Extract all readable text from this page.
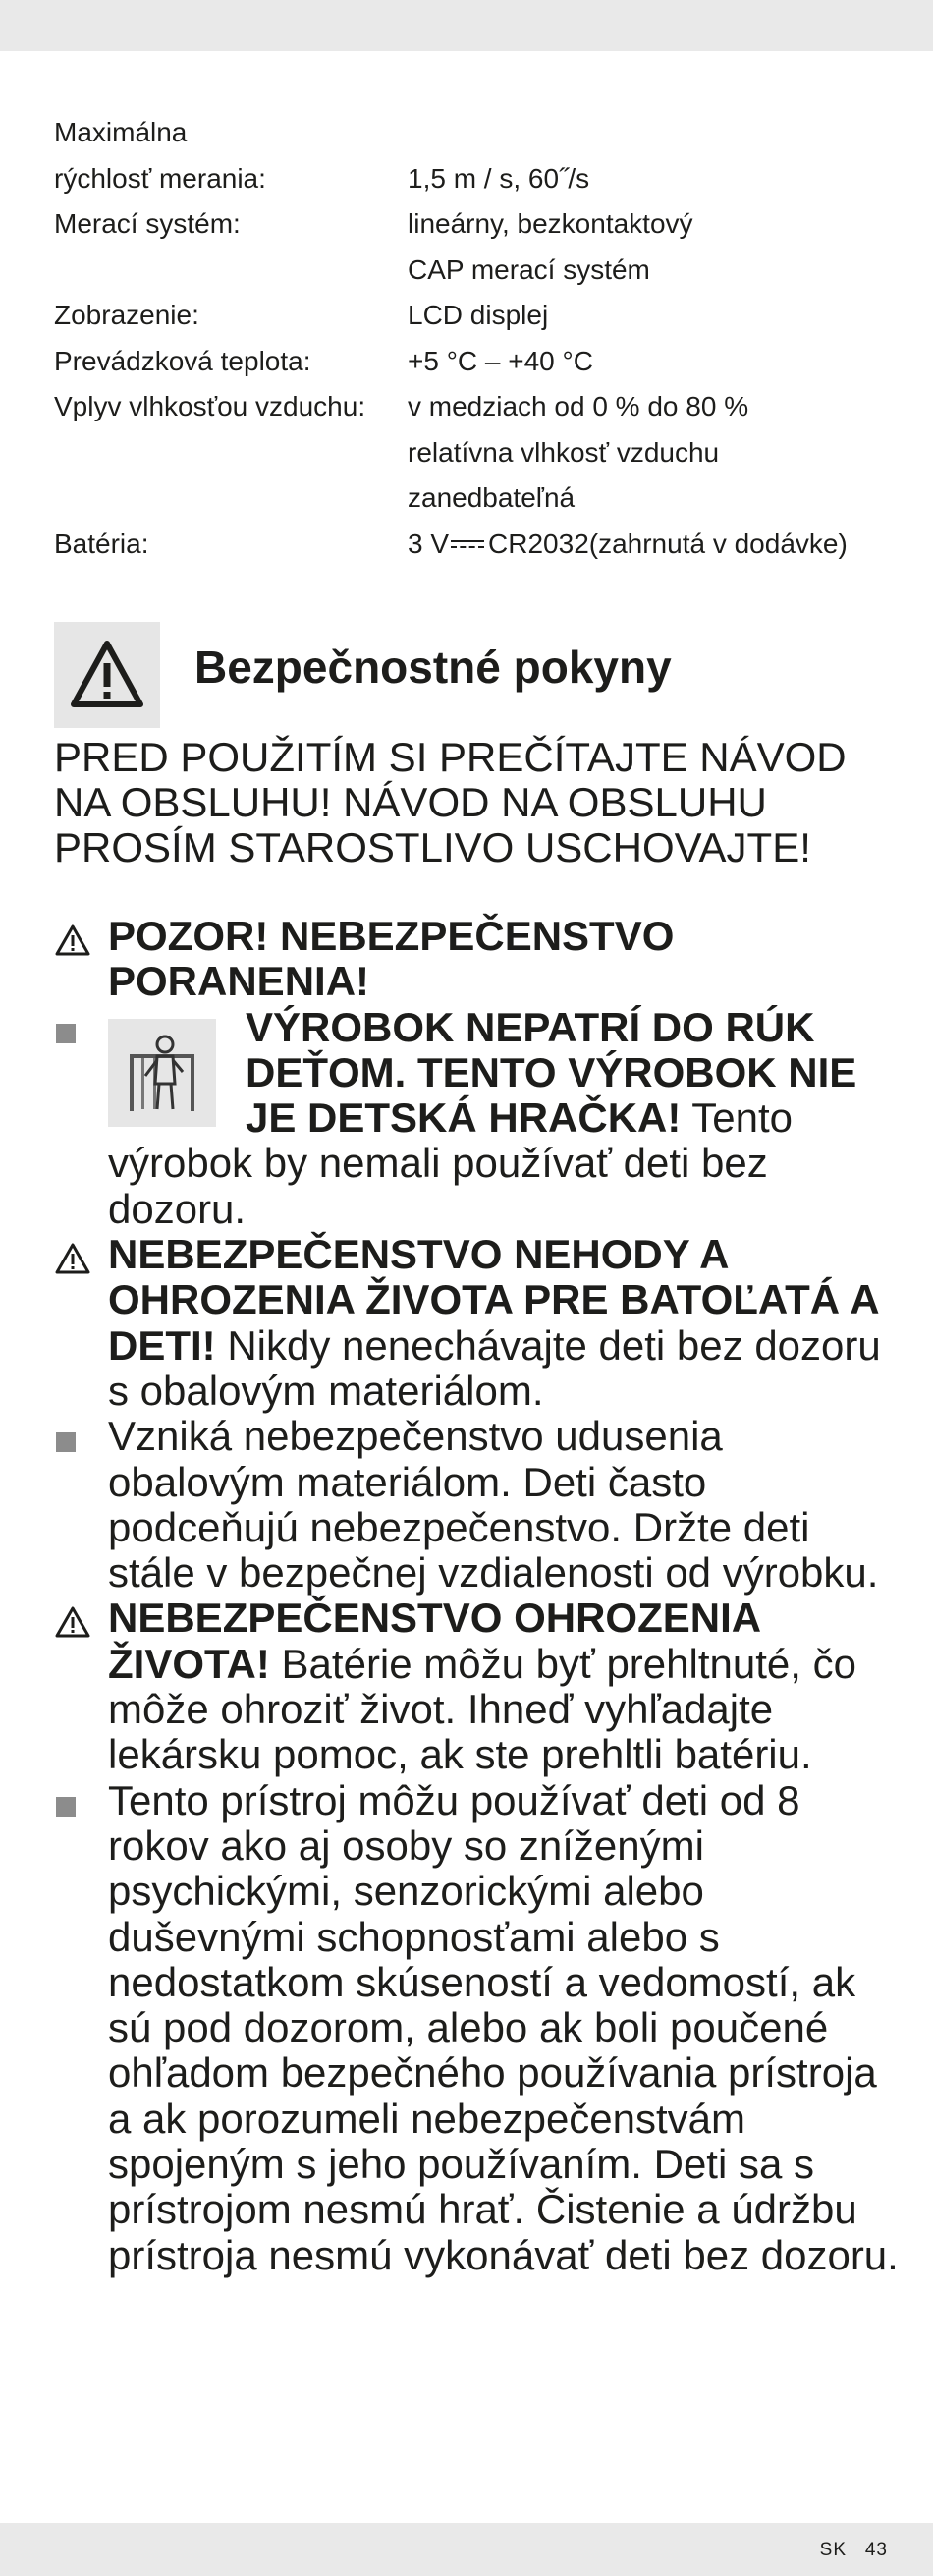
Maximálna
rýchlosť merania:	1,5 m / s, 60˝/s
Merací systém:	lineárny, bezkontaktový
CAP merací systém
Zobrazenie:	LCD displej
Prevádzková teplota:	+5 °C – +40 °C
Vplyv vlhkosťou vzduchu:	v medziach od 0 % do 80 %
relatívna vlhkosť vzduchu
zanedbateľná
Batéria:	3 V CR2032(zahrnutá v dodávke)
Bezpečnostné pokyny
PRED POUŽITÍM SI PREČÍTAJTE NÁVOD NA OBSLUHU! NÁVOD NA OBSLUHU PROSÍM STAROSTLIVO USCHOVAJTE!
POZOR! NEBEZPEČENSTVO PORANENIA!
VÝROBOK NEPATRÍ DO RÚK DEŤOM. TENTO VÝROBOK NIE JE DETSKÁ HRAČKA! Tento výrobok by nemali používať deti bez dozoru.
NEBEZPEČENSTVO NEHODY A OHROZENIA ŽIVOTA PRE BATOĽATÁ A DETI! Nikdy nenechávajte deti bez dozoru s obalovým materiálom.
Vzniká nebezpečenstvo udusenia obalovým materiálom. Deti často podceňujú nebezpečenstvo. Držte deti stále v bezpečnej vzdialenosti od výrobku.
NEBEZPEČENSTVO OHROZENIA ŽIVOTA! Batérie môžu byť prehltnuté, čo môže ohroziť život. Ihneď vyhľadajte lekársku pomoc, ak ste prehltli batériu.
Tento prístroj môžu používať deti od 8 rokov ako aj osoby so zníženými psychickými, senzorickými alebo duševnými schopnosťami alebo s nedostatkom skúseností a vedomostí, ak sú pod dozorom, alebo ak boli poučené ohľadom bezpečného používania prístroja a ak porozumeli nebezpečenstvám spojeným s jeho používaním. Deti sa s prístrojom nesmú hrať. Čistenie a údržbu prístroja nesmú vykonávať deti bez dozoru.
SK 43
